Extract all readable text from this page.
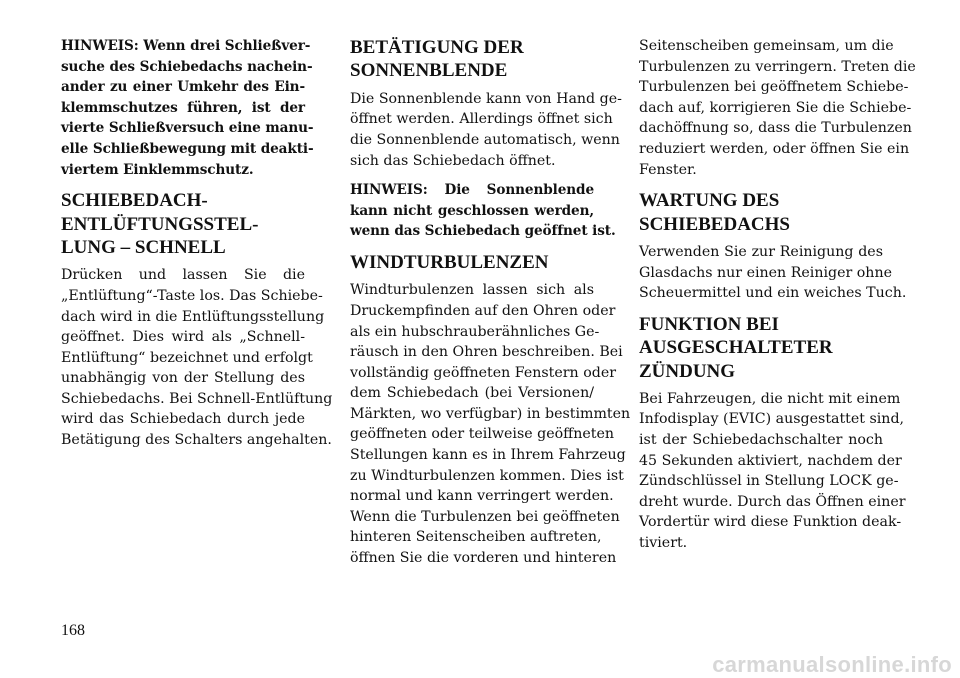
HINWEIS: Wenn drei Schließver-
suche des Schiebedachs nachein-
ander zu einer Umkehr des Ein-
klemmschutzes führen, ist der
vierte Schließversuch eine manu-
elle Schließbewegung mit deakti-
viertem Einklemmschutz.
SCHIEBEDACH-
ENTLÜFTUNGSSTEL-
LUNG – SCHNELL
Drücken und lassen Sie die
„Entlüftung“-Taste los. Das Schiebe-
dach wird in die Entlüftungsstellung
geöffnet. Dies wird als „Schnell-
Entlüftung“ bezeichnet und erfolgt
unabhängig von der Stellung des
Schiebedachs. Bei Schnell-Entlüftung
wird das Schiebedach durch jede
Betätigung des Schalters angehalten.
BETÄTIGUNG DER
SONNENBLENDE
Die Sonnenblende kann von Hand ge-
öffnet werden. Allerdings öffnet sich
die Sonnenblende automatisch, wenn
sich das Schiebedach öffnet.
HINWEIS: Die Sonnenblende
kann nicht geschlossen werden,
wenn das Schiebedach geöffnet ist.
WINDTURBULENZEN
Windturbulenzen lassen sich als
Druckempfinden auf den Ohren oder
als ein hubschrauberähnliches Ge-
räusch in den Ohren beschreiben. Bei
vollständig geöffneten Fenstern oder
dem Schiebedach (bei Versionen/
Märkten, wo verfügbar) in bestimmten
geöffneten oder teilweise geöffneten
Stellungen kann es in Ihrem Fahrzeug
zu Windturbulenzen kommen. Dies ist
normal und kann verringert werden.
Wenn die Turbulenzen bei geöffneten
hinteren Seitenscheiben auftreten,
öffnen Sie die vorderen und hinteren
Seitenscheiben gemeinsam, um die
Turbulenzen zu verringern. Treten die
Turbulenzen bei geöffnetem Schiebe-
dach auf, korrigieren Sie die Schiebe-
dachöffnung so, dass die Turbulenzen
reduziert werden, oder öffnen Sie ein
Fenster.
WARTUNG DES
SCHIEBEDACHS
Verwenden Sie zur Reinigung des
Glasdachs nur einen Reiniger ohne
Scheuermittel und ein weiches Tuch.
FUNKTION BEI
AUSGESCHALTETER
ZÜNDUNG
Bei Fahrzeugen, die nicht mit einem
Infodisplay (EVIC) ausgestattet sind,
ist der Schiebedachschalter noch
45 Sekunden aktiviert, nachdem der
Zündschlüssel in Stellung LOCK ge-
dreht wurde. Durch das Öffnen einer
Vordertür wird diese Funktion deak-
tiviert.
168
carmanualsonline.info
